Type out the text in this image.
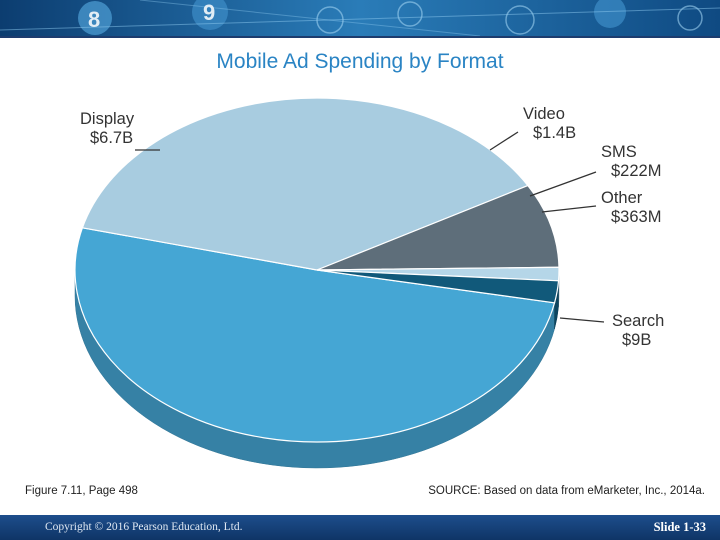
8	9
Mobile Ad Spending by Format
Search
$9B
Display
$6.7B
Video
$1.4B
SMS
$222M
Other
$363M
Figure 7.11, Page 498	SOURCE: Based on data from eMarketer, Inc., 2014a.
Copyright © 2016 Pearson Education, Ltd.	Slide 1-33
